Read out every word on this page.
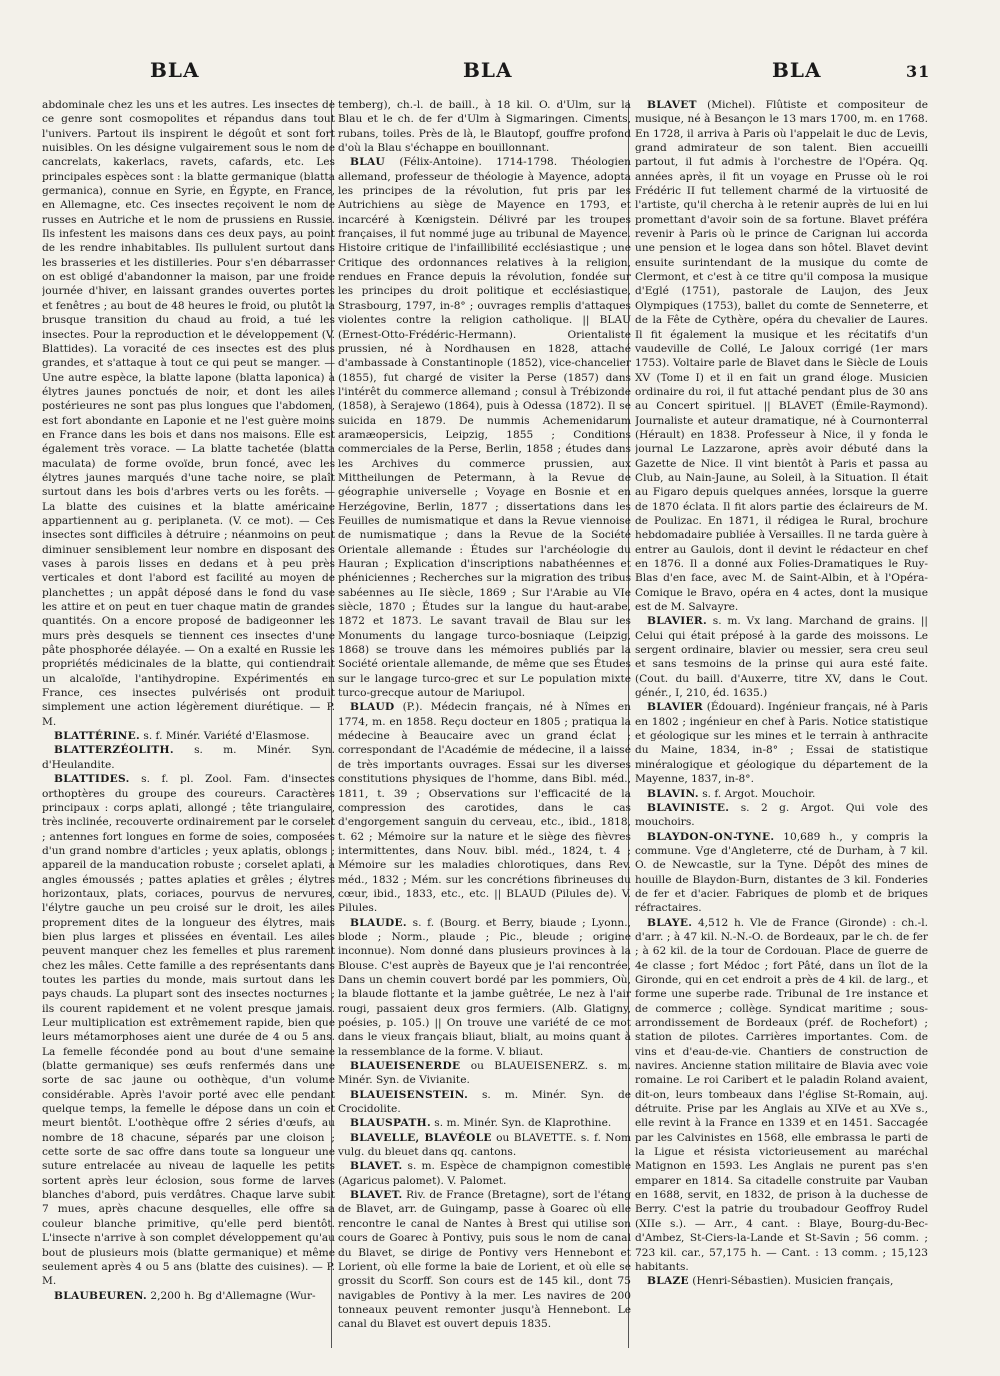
BLA	BLA	BLA	31

abdominale chez les uns et les autres. Les insectes de ce genre sont cosmopolites et répandus dans tout l'univers. Partout ils inspirent le dégoût et sont fort nuisibles. On les désigne vulgairement sous le nom de cancrelats, kakerlacs, ravets, cafards, etc. Les principales espèces sont : la blatte germanique (blatta germanica), connue en Syrie, en Égypte, en France, en Allemagne, etc. Ces insectes reçoivent le nom de russes en Autriche et le nom de prussiens en Russie. Ils infestent les maisons dans ces deux pays, au point de les rendre inhabitables. Ils pullulent surtout dans les brasseries et les distilleries. Pour s'en débarrasser on est obligé d'abandonner la maison, par une froide journée d'hiver, en laissant grandes ouvertes portes et fenêtres ; au bout de 48 heures le froid, ou plutôt la brusque transition du chaud au froid, a tué les insectes. Pour la reproduction et le développement (V. Blattides). La voracité de ces insectes est des plus grandes, et s'attaque à tout ce qui peut se manger. — Une autre espèce, la blatte lapone (blatta laponica) à élytres jaunes ponctués de noir, et dont les ailes postérieures ne sont pas plus longues que l'abdomen, est fort abondante en Laponie et ne l'est guère moins en France dans les bois et dans nos maisons. Elle est également très vorace. — La blatte tachetée (blatta maculata) de forme ovoïde, brun foncé, avec les élytres jaunes marqués d'une tache noire, se plaît surtout dans les bois d'arbres verts ou les forêts. — La blatte des cuisines et la blatte américaine appartiennent au g. periplaneta. (V. ce mot). — Ces insectes sont difficiles à détruire ; néanmoins on peut diminuer sensiblement leur nombre en disposant des vases à parois lisses en dedans et à peu près verticales et dont l'abord est facilité au moyen de planchettes ; un appât déposé dans le fond du vase les attire et on peut en tuer chaque matin de grandes quantités. On a encore proposé de badigeonner les murs près desquels se tiennent ces insectes d'une pâte phosphorée délayée. — On a exalté en Russie les propriétés médicinales de la blatte, qui contiendrait un alcaloïde, l'antihydropine. Expérimentés en France, ces insectes pulvérisés ont produit simplement une action légèrement diurétique. — P. M.

BLATTÉRINE. s. f. Minér. Variété d'Elasmose.

BLATTERZÉOLITH. s. m. Minér. Syn. d'Heulandite.

BLATTIDES. s. f. pl. Zool. Fam. d'insectes orthoptères du groupe des coureurs. Caractères principaux : corps aplati, allongé ; tête triangulaire, très inclinée, recouverte ordinairement par le corselet ; antennes fort longues en forme de soies, composées d'un grand nombre d'articles ; yeux aplatis, oblongs ; appareil de la manducation robuste ; corselet aplati, à angles émoussés ; pattes aplaties et grêles ; élytres horizontaux, plats, coriaces, pourvus de nervures, l'élytre gauche un peu croisé sur le droit, les ailes proprement dites de la longueur des élytres, mais bien plus larges et plissées en éventail. Les ailes peuvent manquer chez les femelles et plus rarement chez les mâles. Cette famille a des représentants dans toutes les parties du monde, mais surtout dans les pays chauds. La plupart sont des insectes nocturnes ; ils courent rapidement et ne volent presque jamais. Leur multiplication est extrêmement rapide, bien que leurs métamorphoses aient une durée de 4 ou 5 ans. La femelle fécondée pond au bout d'une semaine (blatte germanique) ses œufs renfermés dans une sorte de sac jaune ou oothèque, d'un volume considérable. Après l'avoir porté avec elle pendant quelque temps, la femelle le dépose dans un coin et meurt bientôt. L'oothèque offre 2 séries d'œufs, au nombre de 18 chacune, séparés par une cloison ; cette sorte de sac offre dans toute sa longueur une suture entrelacée au niveau de laquelle les petits sortent après leur éclosion, sous forme de larves blanches d'abord, puis verdâtres. Chaque larve subit 7 mues, après chacune desquelles, elle offre sa couleur blanche primitive, qu'elle perd bientôt. L'insecte n'arrive à son complet développement qu'au bout de plusieurs mois (blatte germanique) et même seulement après 4 ou 5 ans (blatte des cuisines). — P. M.

BLAUBEUREN. 2,200 h. Bg d'Allemagne (Wur-

temberg), ch.-l. de baill., à 18 kil. O. d'Ulm, sur la Blau et le ch. de fer d'Ulm à Sigmaringen. Ciments, rubans, toiles. Près de là, le Blautopf, gouffre profond d'où la Blau s'échappe en bouillonnant.

BLAU (Félix-Antoine). 1714-1798. Théologien allemand, professeur de théologie à Mayence, adopta les principes de la révolution, fut pris par les Autrichiens au siège de Mayence en 1793, et incarcéré à Kœnigstein. Délivré par les troupes françaises, il fut nommé juge au tribunal de Mayence. Histoire critique de l'infaillibilité ecclésiastique ; une Critique des ordonnances relatives à la religion, rendues en France depuis la révolution, fondée sur les principes du droit politique et ecclésiastique, Strasbourg, 1797, in-8° ; ouvrages remplis d'attaques violentes contre la religion catholique. || BLAU (Ernest-Otto-Frédéric-Hermann). Orientaliste prussien, né à Nordhausen en 1828, attaché d'ambassade à Constantinople (1852), vice-chancelier (1855), fut chargé de visiter la Perse (1857) dans l'intérêt du commerce allemand ; consul à Trébizonde (1858), à Serajewo (1864), puis à Odessa (1872). Il se suicida en 1879. De nummis Achemenidarum aramæopersicis, Leipzig, 1855 ; Conditions commerciales de la Perse, Berlin, 1858 ; études dans les Archives du commerce prussien, aux Mittheilungen de Petermann, à la Revue de géographie universelle ; Voyage en Bosnie et en Herzégovine, Berlin, 1877 ; dissertations dans les Feuilles de numismatique et dans la Revue viennoise de numismatique ; dans la Revue de la Société Orientale allemande : Études sur l'archéologie du Hauran ; Explication d'inscriptions nabathéennes et phéniciennes ; Recherches sur la migration des tribus sabéennes au IIe siècle, 1869 ; Sur l'Arabie au VIe siècle, 1870 ; Études sur la langue du haut-arabe, 1872 et 1873. Le savant travail de Blau sur les Monuments du langage turco-bosniaque (Leipzig, 1868) se trouve dans les mémoires publiés par la Société orientale allemande, de même que ses Études sur le langage turco-grec et sur Le population mixte turco-grecque autour de Mariupol.

BLAUD (P.). Médecin français, né à Nîmes en 1774, m. en 1858. Reçu docteur en 1805 ; pratiqua la médecine à Beaucaire avec un grand éclat ; correspondant de l'Académie de médecine, il a laissé de très importants ouvrages. Essai sur les diverses constitutions physiques de l'homme, dans Bibl. méd., 1811, t. 39 ; Observations sur l'efficacité de la compression des carotides, dans le cas d'engorgement sanguin du cerveau, etc., ibid., 1818, t. 62 ; Mémoire sur la nature et le siège des fièvres intermittentes, dans Nouv. bibl. méd., 1824, t. 4 ; Mémoire sur les maladies chlorotiques, dans Rev. méd., 1832 ; Mém. sur les concrétions fibrineuses du cœur, ibid., 1833, etc., etc. || BLAUD (Pilules de). V. Pilules.

BLAUDE. s. f. (Bourg. et Berry, biaude ; Lyonn., blode ; Norm., plaude ; Pic., bleude ; origine inconnue). Nom donné dans plusieurs provinces à la Blouse. C'est auprès de Bayeux que je l'ai rencontrée, Dans un chemin couvert bordé par les pommiers, Où, la blaude flottante et la jambe guêtrée, Le nez à l'air rougi, passaient deux gros fermiers. (Alb. Glatigny, poésies, p. 105.) || On trouve une variété de ce mot dans le vieux français bliaut, blialt, au moins quant à la ressemblance de la forme. V. bliaut.

BLAUEISENERDE ou BLAUEISENERZ. s. m. Minér. Syn. de Vivianite.

BLAUEISENSTEIN. s. m. Minér. Syn. de Crocidolite.

BLAUSPATH. s. m. Minér. Syn. de Klaprothine.

BLAVELLE, BLAVÉOLE ou BLAVETTE. s. f. Nom vulg. du bleuet dans qq. cantons.

BLAVET. s. m. Espèce de champignon comestible (Agaricus palomet). V. Palomet.

BLAVET. Riv. de France (Bretagne), sort de l'étang de Blavet, arr. de Guingamp, passe à Goarec où elle rencontre le canal de Nantes à Brest qui utilise son cours de Goarec à Pontivy, puis sous le nom de canal du Blavet, se dirige de Pontivy vers Hennebont et Lorient, où elle forme la baie de Lorient, et où elle se grossit du Scorff. Son cours est de 145 kil., dont 75 navigables de Pontivy à la mer. Les navires de 200 tonneaux peuvent remonter jusqu'à Hennebont. Le canal du Blavet est ouvert depuis 1835.

BLAVET (Michel). Flûtiste et compositeur de musique, né à Besançon le 13 mars 1700, m. en 1768. En 1728, il arriva à Paris où l'appelait le duc de Levis, grand admirateur de son talent. Bien accueilli partout, il fut admis à l'orchestre de l'Opéra. Qq. années après, il fit un voyage en Prusse où le roi Frédéric II fut tellement charmé de la virtuosité de l'artiste, qu'il chercha à le retenir auprès de lui en lui promettant d'avoir soin de sa fortune. Blavet préféra revenir à Paris où le prince de Carignan lui accorda une pension et le logea dans son hôtel. Blavet devint ensuite surintendant de la musique du comte de Clermont, et c'est à ce titre qu'il composa la musique d'Eglé (1751), pastorale de Laujon, des Jeux Olympiques (1753), ballet du comte de Senneterre, et de la Fête de Cythère, opéra du chevalier de Laures. Il fit également la musique et les récitatifs d'un vaudeville de Collé, Le Jaloux corrigé (1er mars 1753). Voltaire parle de Blavet dans le Siècle de Louis XV (Tome I) et il en fait un grand éloge. Musicien ordinaire du roi, il fut attaché pendant plus de 30 ans au Concert spirituel. || BLAVET (Émile-Raymond). Journaliste et auteur dramatique, né à Cournonterral (Hérault) en 1838. Professeur à Nice, il y fonda le journal Le Lazzarone, après avoir débuté dans la Gazette de Nice. Il vint bientôt à Paris et passa au Club, au Nain-Jaune, au Soleil, à la Situation. Il était au Figaro depuis quelques années, lorsque la guerre de 1870 éclata. Il fit alors partie des éclaireurs de M. de Poulizac. En 1871, il rédigea le Rural, brochure hebdomadaire publiée à Versailles. Il ne tarda guère à entrer au Gaulois, dont il devint le rédacteur en chef en 1876. Il a donné aux Folies-Dramatiques le Ruy-Blas d'en face, avec M. de Saint-Albin, et à l'Opéra-Comique le Bravo, opéra en 4 actes, dont la musique est de M. Salvayre.

BLAVIER. s. m. Vx lang. Marchand de grains. || Celui qui était préposé à la garde des moissons. Le sergent ordinaire, blavier ou messier, sera creu seul et sans tesmoins de la prinse qui aura esté faite. (Cout. du baill. d'Auxerre, titre XV, dans le Cout. génér., I, 210, éd. 1635.)

BLAVIER (Édouard). Ingénieur français, né à Paris en 1802 ; ingénieur en chef à Paris. Notice statistique et géologique sur les mines et le terrain à anthracite du Maine, 1834, in-8° ; Essai de statistique minéralogique et géologique du département de la Mayenne, 1837, in-8°.

BLAVIN. s. f. Argot. Mouchoir.

BLAVINISTE. s. 2 g. Argot. Qui vole des mouchoirs.

BLAYDON-ON-TYNE. 10,689 h., y compris la commune. Vge d'Angleterre, cté de Durham, à 7 kil. O. de Newcastle, sur la Tyne. Dépôt des mines de houille de Blaydon-Burn, distantes de 3 kil. Fonderies de fer et d'acier. Fabriques de plomb et de briques réfractaires.

BLAYE. 4,512 h. Vle de France (Gironde) : ch.-l. d'arr. ; à 47 kil. N.-N.-O. de Bordeaux, par le ch. de fer ; à 62 kil. de la tour de Cordouan. Place de guerre de 4e classe ; fort Médoc ; fort Pâté, dans un îlot de la Gironde, qui en cet endroit a près de 4 kil. de larg., et forme une superbe rade. Tribunal de 1re instance et de commerce ; collège. Syndicat maritime ; sous-arrondissement de Bordeaux (préf. de Rochefort) ; station de pilotes. Carrières importantes. Com. de vins et d'eau-de-vie. Chantiers de construction de navires. Ancienne station militaire de Blavia avec voie romaine. Le roi Caribert et le paladin Roland avaient, dit-on, leurs tombeaux dans l'église St-Romain, auj. détruite. Prise par les Anglais au XIVe et au XVe s., elle revint à la France en 1339 et en 1451. Saccagée par les Calvinistes en 1568, elle embrassa le parti de la Ligue et résista victorieusement au maréchal Matignon en 1593. Les Anglais ne purent pas s'en emparer en 1814. Sa citadelle construite par Vauban en 1688, servit, en 1832, de prison à la duchesse de Berry. C'est la patrie du troubadour Geoffroy Rudel (XIIe s.). — Arr., 4 cant. : Blaye, Bourg-du-Bec-d'Ambez, St-Ciers-la-Lande et St-Savin ; 56 comm. ; 723 kil. car., 57,175 h. — Cant. : 13 comm. ; 15,123 habitants.

BLAZE (Henri-Sébastien). Musicien français,
